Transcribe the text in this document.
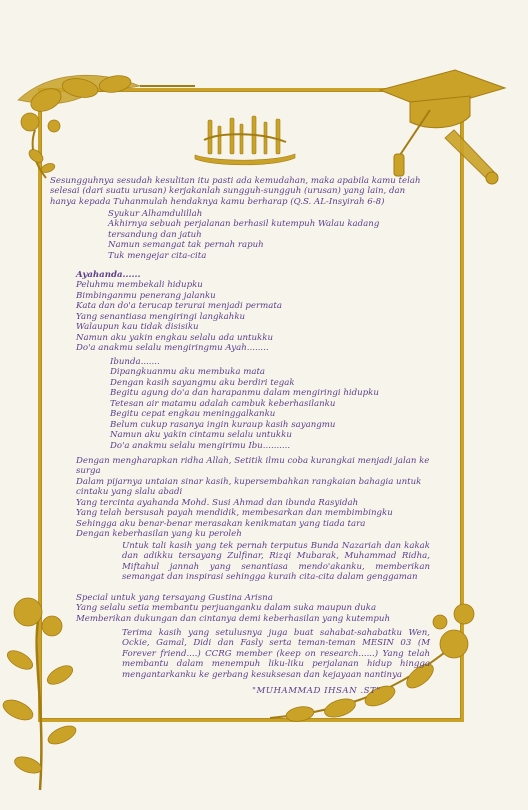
Sesungguhnya sesudah kesulitan itu pasti ada kemudahan, maka apabila kamu telah selesai (dari suatu urusan) kerjakanlah sungguh-sungguh (urusan) yang lain, dan hanya kepada Tuhanmulah hendaknya kamu berharap (Q.S. AL-Insyirah 6-8)

Syukur Alhamdulillah

Akhirnya sebuah perjalanan berhasil kutempuh Walau kadang tersandung dan jatuh

Namun semangat tak pernah rapuh

Tuk mengejar cita-cita

Ayahanda......

Peluhmu membekali hidupku

Bimbinganmu penerang jalanku

Kata dan do'a terucap terurai menjadi permata

Yang senantiasa mengiringi langkahku

Walaupun kau tidak disisiku

Namun aku yakin engkau selalu ada untukku

Do'a anakmu selalu mengiringmu Ayah........

Ibunda.......

Dipangkuanmu aku membuka mata

Dengan kasih sayangmu aku berdiri tegak

Begitu agung do'a dan harapanmu dalam mengiringi hidupku

Tetesan air matamu adalah cambuk keberhasilanku

Begitu cepat engkau meninggalkanku

Belum cukup rasanya ingin kuraup kasih sayangmu

Namun aku yakin cintamu selalu untukku

Do'a anakmu selalu mengirimu Ibu..........

Dengan mengharapkan ridha Allah, Setitik ilmu coba kurangkai menjadi jalan ke surga

Dalam pijarnya untaian sinar kasih, kupersembahkan rangkaian bahagia untuk cintaku yang slalu abadi

Yang tercinta ayahanda Mohd. Susi Ahmad dan ibunda Rasyidah

Yang telah bersusah payah mendidik, membesarkan dan membimbingku

Sehingga aku benar-benar merasakan kenikmatan yang tiada tara

Dengan keberhasilan yang ku peroleh

Untuk tali kasih yang tek pernah terputus Bunda Nazariah dan kakak dan adikku tersayang Zulfinar, Rizqi Mubarak, Muhammad Ridha, Miftahul jannah yang senantiasa mendo'akanku, memberikan semangat dan inspirasi sehingga kuraih cita-cita dalam genggaman

Special untuk yang tersayang Gustina Arisna

Yang selalu setia membantu perjuanganku dalam suka maupun duka

Memberikan dukungan dan cintanya demi keberhasilan yang kutempuh

Terima kasih yang setulusnya juga buat sahabat-sahabatku Wen, Ockie, Gamal, Didi dan Fasly serta teman-teman MESIN 03 (M Forever friend....) CCRG member (keep on research......) Yang telah membantu dalam menempuh liku-liku perjalanan hidup hingga mengantarkanku ke gerbang kesuksesan dan kejayaan nantinya

"MUHAMMAD IHSAN .ST"
